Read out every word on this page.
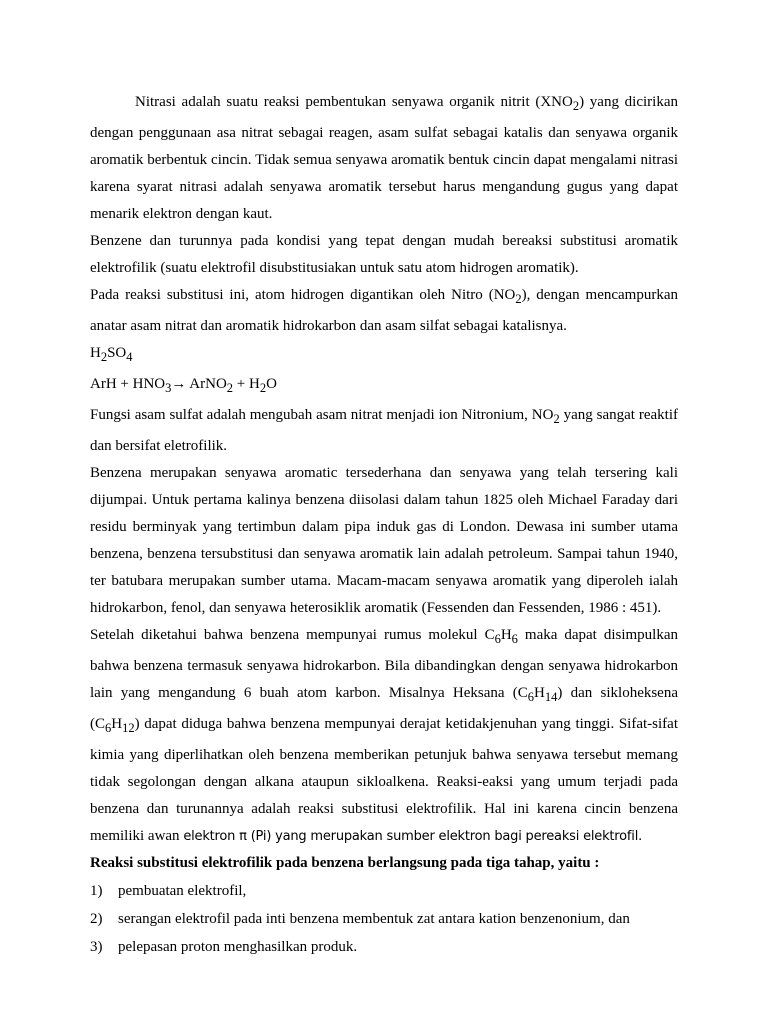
Nitrasi adalah suatu reaksi pembentukan senyawa organik nitrit $(XNO_2)$ yang dicirikan dengan penggunaan asa nitrat sebagai reagen, asam sulfat sebagai katalis dan senyawa organik aromatik berbentuk cincin. Tidak semua senyawa aromatik bentuk cincin dapat mengalami nitrasi karena syarat nitrasi adalah senyawa aromatik tersebut harus mengandung gugus yang dapat menarik elektron dengan kaut.

Benzene dan turunnya pada kondisi yang tepat dengan mudah bereaksi substitusi aromatik elektrofilik (suatu elektrofil disubstitusiakan untuk satu atom hidrogen aromatik).

Pada reaksi substitusi ini, atom hidrogen digantikan oleh Nitro $(NO_2)$, dengan mencampurkan anatar asam nitrat dan aromatik hidrokarbon dan asam silfat sebagai katalisnya.

$H_2SO_4$

ArH + $HNO_3\to$ ArNO$_2$ + $H_2O$

Fungsi asam sulfat adalah mengubah asam nitrat menjadi ion Nitronium, $NO_2$ yang sangat reaktif dan bersifat eletrofilik.

Benzena merupakan senyawa aromatic tersederhana dan senyawa yang telah tersering kali dijumpai. Untuk pertama kalinya benzena diisolasi dalam tahun 1825 oleh Michael Faraday dari residu berminyak yang tertimbun dalam pipa induk gas di London. Dewasa ini sumber utama benzena, benzena tersubstitusi dan senyawa aromatik lain adalah petroleum. Sampai tahun 1940, ter batubara merupakan sumber utama. Macam-macam senyawa aromatik yang diperoleh ialah hidrokarbon, fenol, dan senyawa heterosiklik aromatik (Fessenden dan Fessenden, 1986 : 451).

Setelah diketahui bahwa benzena mempunyai rumus molekul $C_6H_6$ maka dapat disimpulkan bahwa benzena termasuk senyawa hidrokarbon. Bila dibandingkan dengan senyawa hidrokarbon lain yang mengandung 6 buah atom karbon. Misalnya Heksana $(C_6H_{14})$ dan sikloheksena $(C_6H_{12})$ dapat diduga bahwa benzena mempunyai derajat ketidakjenuhan yang tinggi. Sifat-sifat kimia yang diperlihatkan oleh benzena memberikan petunjuk bahwa senyawa tersebut memang tidak segolongan dengan alkana ataupun sikloalkena. Reaksi-eaksi yang umum terjadi pada benzena dan turunannya adalah reaksi substitusi elektrofilik. Hal ini karena cincin benzena memiliki awan elektron π (Pi) yang merupakan sumber elektron bagi pereaksi elektrofil.

Reaksi substitusi elektrofilik pada benzena berlangsung pada tiga tahap, yaitu :

1)	pembuatan elektrofil,
2)	serangan elektrofil pada inti benzena membentuk zat antara kation benzenonium, dan
3)	pelepasan proton menghasilkan produk.
